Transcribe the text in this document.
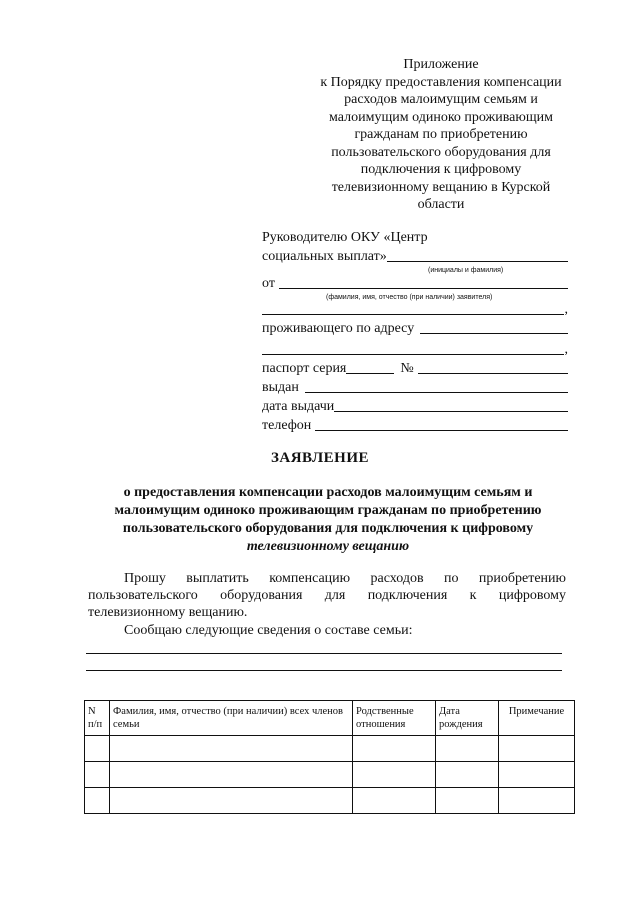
Приложение
к Порядку предоставления компенсации
расходов малоимущим семьям и
малоимущим одиноко проживающим
гражданам по приобретению
пользовательского оборудования для
подключения к цифровому
телевизионному вещанию в Курской
области
Руководителю ОКУ «Центр
социальных выплат»
(инициалы и фамилия)
от
(фамилия, имя, отчество (при наличии) заявителя)
,
проживающего по адресу
,
паспорт серия	№
выдан
дата выдачи
телефон
ЗАЯВЛЕНИЕ
о предоставления компенсации расходов малоимущим семьям и малоимущим одиноко проживающим гражданам по приобретению пользовательского оборудования для подключения к цифровому телевизионному вещанию
Прошу выплатить компенсацию расходов по приобретению пользовательского оборудования для подключения к цифровому телевизионному вещанию.
Сообщаю следующие сведения о составе семьи:
N п/п	Фамилия, имя, отчество (при наличии) всех членов семьи	Родственные отношения	Дата рождения	Примечание
